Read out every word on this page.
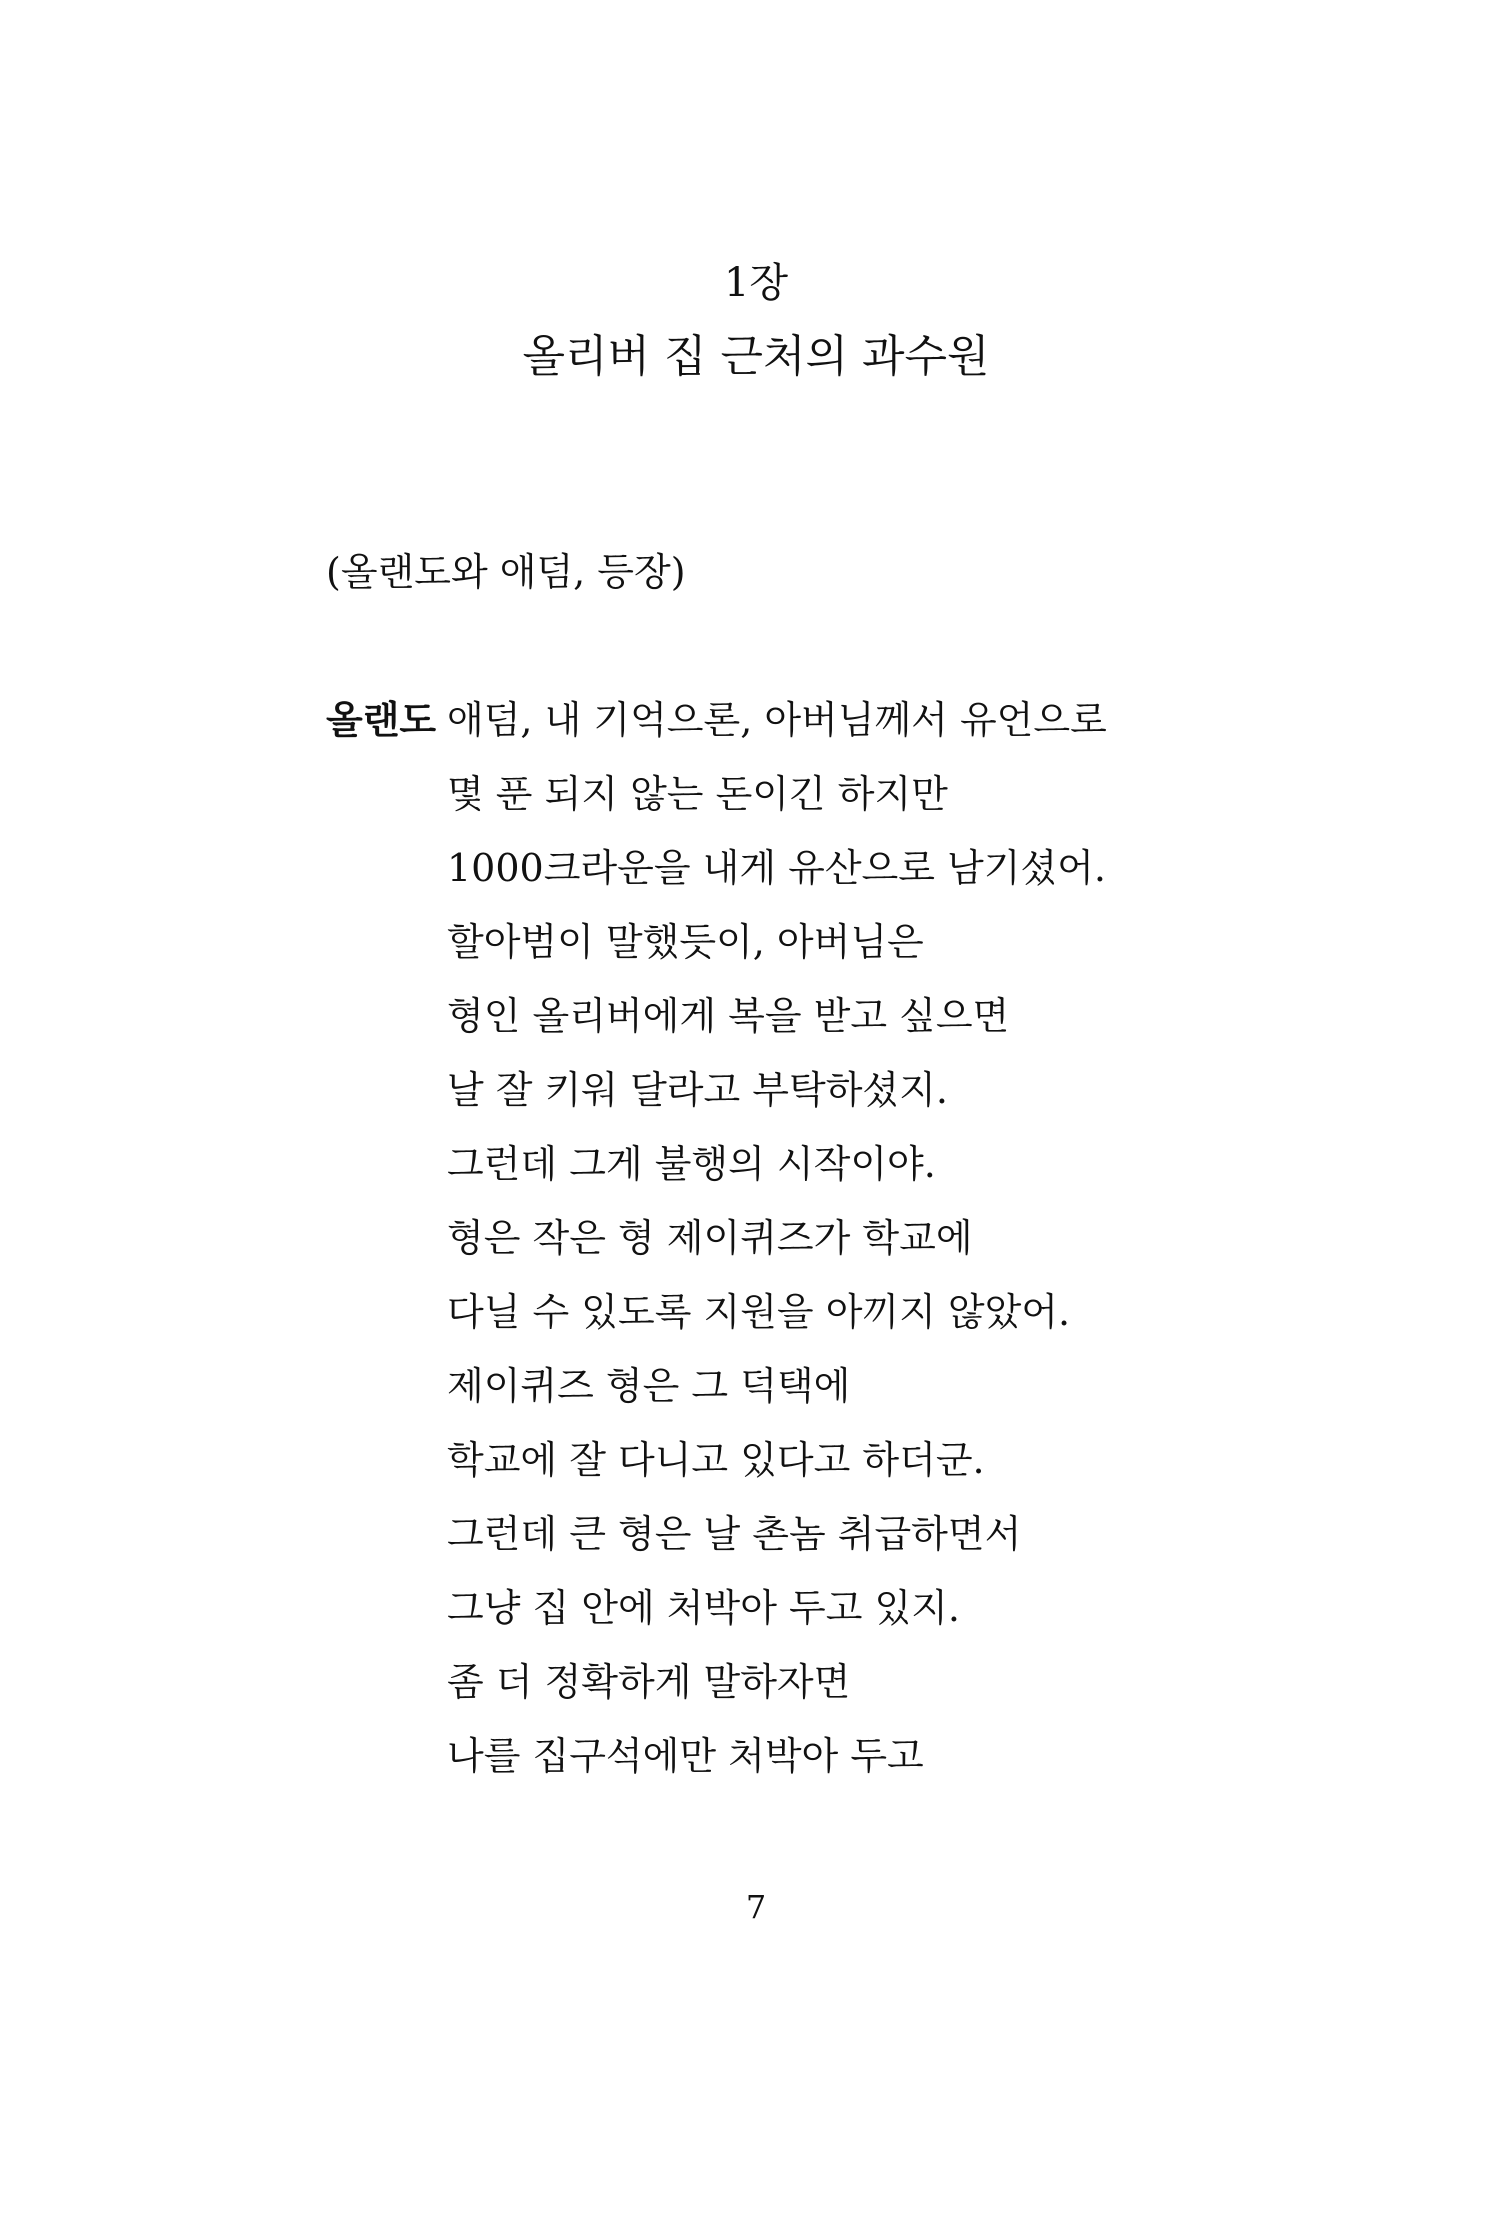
1장
올리버 집 근처의 과수원
(올랜도와 애덤, 등장)
올랜도 애덤, 내 기억으론, 아버님께서 유언으로
몇 푼 되지 않는 돈이긴 하지만
1000크라운을 내게 유산으로 남기셨어.
할아범이 말했듯이, 아버님은
형인 올리버에게 복을 받고 싶으면
날 잘 키워 달라고 부탁하셨지.
그런데 그게 불행의 시작이야.
형은 작은 형 제이퀴즈가 학교에
다닐 수 있도록 지원을 아끼지 않았어.
제이퀴즈 형은 그 덕택에
학교에 잘 다니고 있다고 하더군.
그런데 큰 형은 날 촌놈 취급하면서
그냥 집 안에 처박아 두고 있지.
좀 더 정확하게 말하자면
나를 집구석에만 처박아 두고
7
